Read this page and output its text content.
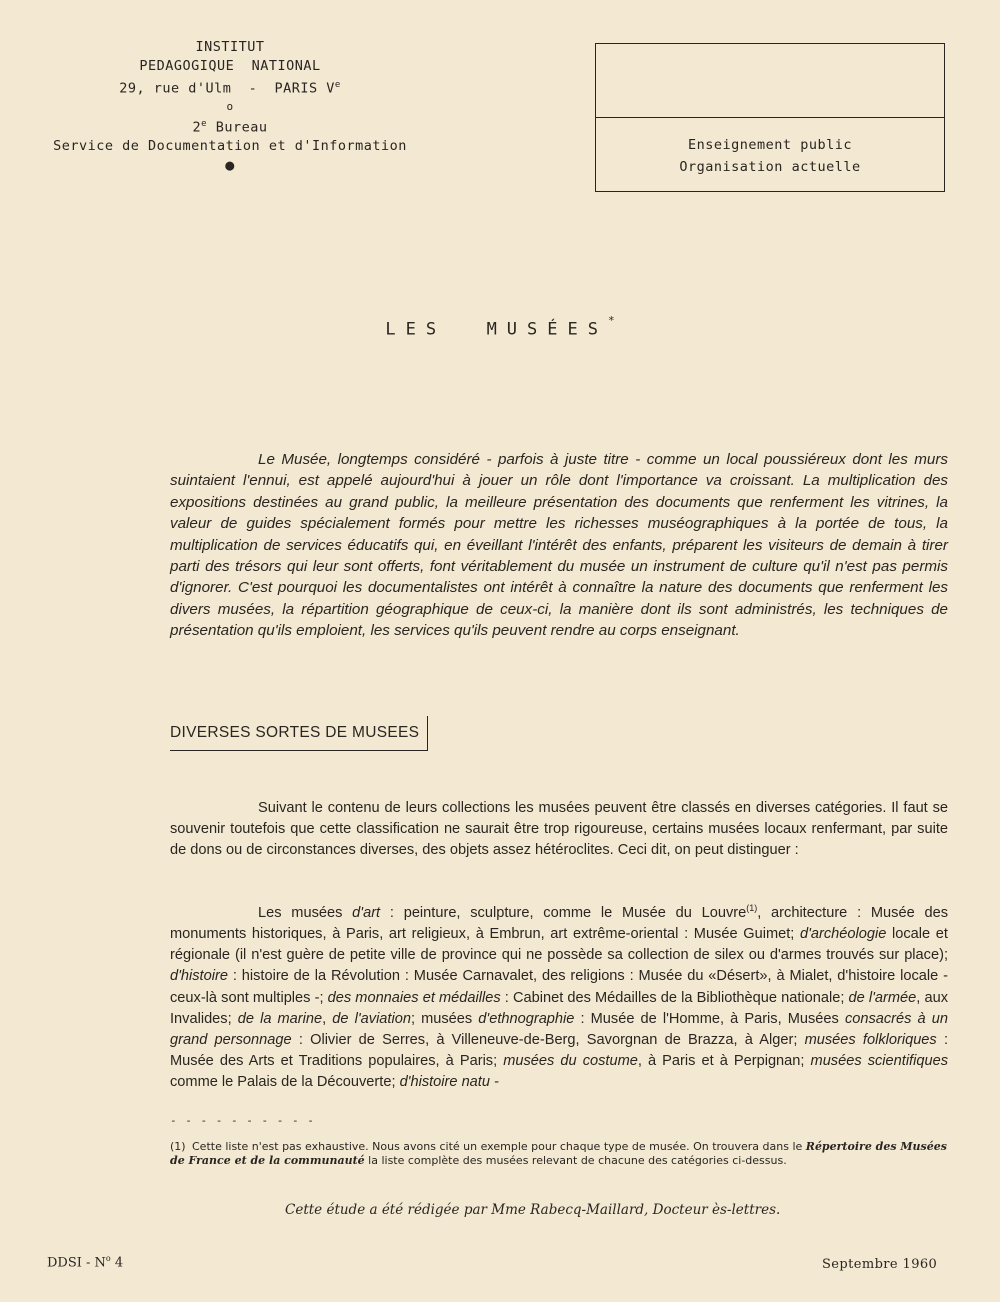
INSTITUT
PEDAGOGIQUE  NATIONAL
29, rue d'Ulm  -  PARIS Ve
o
2e Bureau
Service de Documentation et d'Information
●
Enseignement public
Organisation actuelle
LES  MUSÉES*

Le Musée, longtemps considéré - parfois à juste titre - comme un local poussiéreux dont les murs suintaient l'ennui, est appelé aujourd'hui à jouer un rôle dont l'importance va croissant. La multiplication des expositions destinées au grand public, la meilleure présentation des documents que renferment les vitrines, la valeur de guides spécialement formés pour mettre les richesses muséographiques à la portée de tous, la multiplication de services éducatifs qui, en éveillant l'intérêt des enfants, préparent les visiteurs de demain à tirer parti des trésors qui leur sont offerts, font véritablement du musée un instrument de culture qu'il n'est pas permis d'ignorer. C'est pourquoi les documentalistes ont intérêt à connaître la nature des documents que renferment les divers musées, la répartition géographique de ceux-ci, la manière dont ils sont administrés, les techniques de présentation qu'ils emploient, les services qu'ils peuvent rendre au corps enseignant.

DIVERSES SORTES DE MUSEES

Suivant le contenu de leurs collections les musées peuvent être classés en diverses catégories. Il faut se souvenir toutefois que cette classification ne saurait être trop rigoureuse, certains musées locaux renfermant, par suite de dons ou de circonstances diverses, des objets assez hétéroclites. Ceci dit, on peut distinguer :

Les musées d'art : peinture, sculpture, comme le Musée du Louvre$^{(1)}$, architecture : Musée des monuments historiques, à Paris, art religieux, à Embrun, art extrême-oriental : Musée Guimet; d'archéologie locale et régionale (il n'est guère de petite ville de province qui ne possède sa collection de silex ou d'armes trouvés sur place); d'histoire : histoire de la Révolution : Musée Carnavalet, des religions : Musée du «Désert», à Mialet, d'histoire locale - ceux-là sont multiples -; des monnaies et médailles : Cabinet des Médailles de la Bibliothèque nationale; de l'armée, aux Invalides; de la marine, de l'aviation; musées d'ethnographie : Musée de l'Homme, à Paris, Musées consacrés à un grand personnage : Olivier de Serres, à Villeneuve-de-Berg, Savorgnan de Brazza, à Alger; musées folkloriques : Musée des Arts et Traditions populaires, à Paris; musées du costume, à Paris et à Perpignan; musées scientifiques comme le Palais de la Découverte; d'histoire natu -

- - - - - - - - - -

(1) Cette liste n'est pas exhaustive. Nous avons cité un exemple pour chaque type de musée. On trouvera dans le Répertoire des Musées de France et de la communauté la liste complète des musées relevant de chacune des catégories ci-dessus.

Cette étude a été rédigée par Mme Rabecq-Maillard, Docteur ès-lettres.
DDSI - $N^o$ 4	Septembre 1960
